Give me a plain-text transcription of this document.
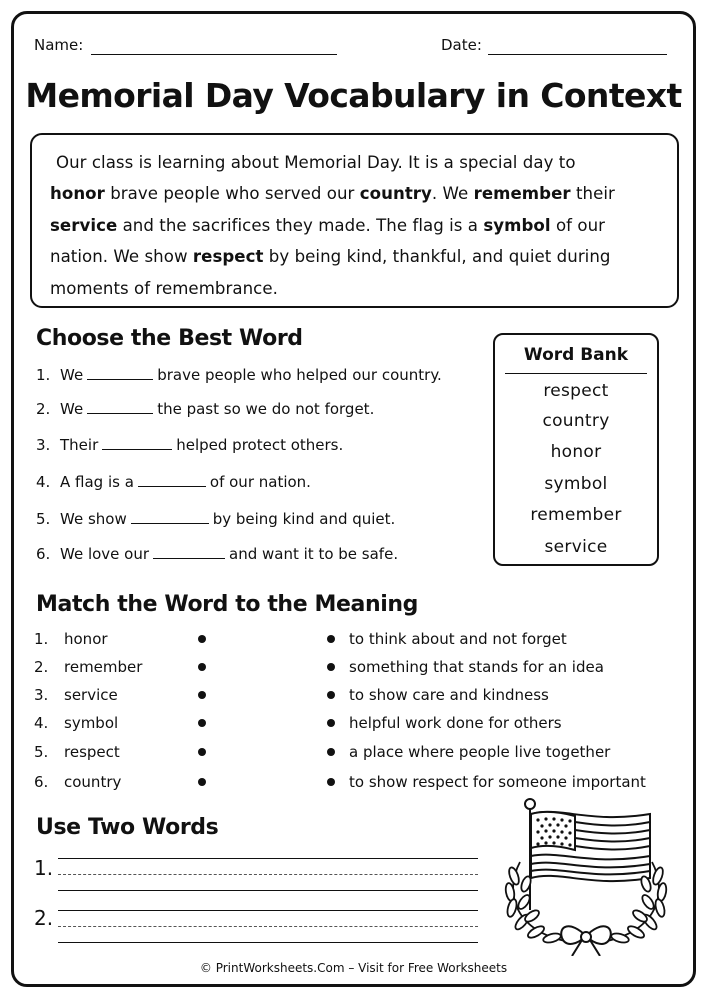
Name:	Date:
Memorial Day Vocabulary in Context
Our class is learning about Memorial Day. It is a special day to
honor brave people who served our country. We remember their
service and the sacrifices they made. The flag is a symbol of our
nation. We show respect by being kind, thankful, and quiet during
moments of remembrance.
Choose the Best Word
1. We	brave people who helped our country.
2. We	the past so we do not forget.
3. Their	helped protect others.
4. A flag is a	of our nation.
5. We show	by being kind and quiet.
6. We love our	and want it to be safe.
Word Bank
respect
country
honor
symbol
remember
service
Match the Word to the Meaning
1. honor	to think about and not forget
2. remember	something that stands for an idea
3. service	to show care and kindness
4. symbol	helpful work done for others
5. respect	a place where people live together
6. country	to show respect for someone important
Use Two Words
1.
2.
© PrintWorksheets.Com – Visit for Free Worksheets
